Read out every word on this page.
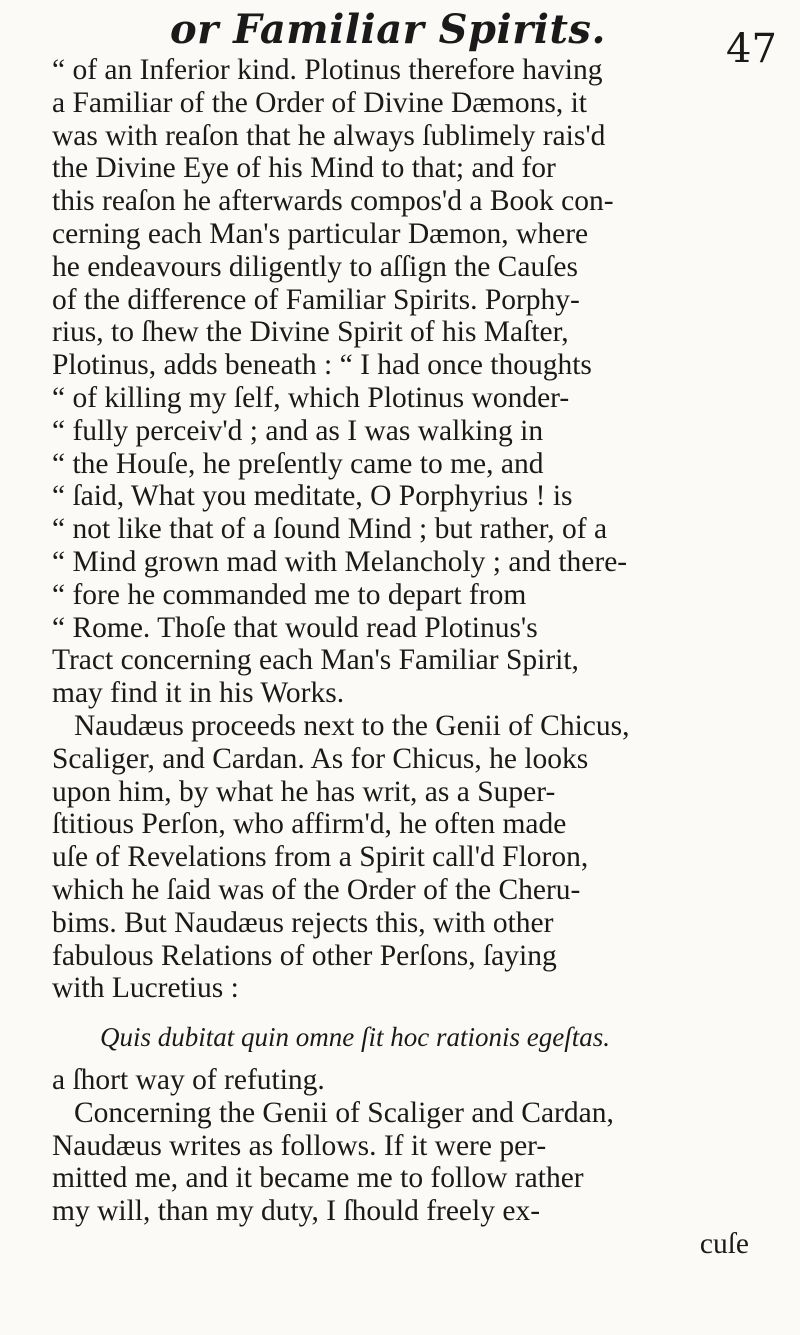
or Familiar Spirits.	47
“ of an Inferior kind. Plotinus therefore having
a Familiar of the Order of Divine Dæmons, it
was with reaſon that he always ſublimely rais'd
the Divine Eye of his Mind to that; and for
this reaſon he afterwards compos'd a Book con-
cerning each Man's particular Dæmon, where
he endeavours diligently to aſſign the Cauſes
of the difference of Familiar Spirits. Porphy-
rius, to ſhew the Divine Spirit of his Maſter,
Plotinus, adds beneath : “ I had once thoughts
“ of killing my ſelf, which Plotinus wonder-
“ fully perceiv'd ; and as I was walking in
“ the Houſe, he preſently came to me, and
“ ſaid, What you meditate, O Porphyrius ! is
“ not like that of a ſound Mind ; but rather, of a
“ Mind grown mad with Melancholy ; and there-
“ fore he commanded me to depart from
“ Rome. Thoſe that would read Plotinus's
Tract concerning each Man's Familiar Spirit,
may find it in his Works.
Naudæus proceeds next to the Genii of Chicus,
Scaliger, and Cardan. As for Chicus, he looks
upon him, by what he has writ, as a Super-
ſtitious Perſon, who affirm'd, he often made
uſe of Revelations from a Spirit call'd Floron,
which he ſaid was of the Order of the Cheru-
bims. But Naudæus rejects this, with other
fabulous Relations of other Perſons, ſaying
with Lucretius :
Quis dubitat quin omne ſit hoc rationis egeſtas.
a ſhort way of refuting.
Concerning the Genii of Scaliger and Cardan,
Naudæus writes as follows. If it were per-
mitted me, and it became me to follow rather
my will, than my duty, I ſhould freely ex-
cuſe
